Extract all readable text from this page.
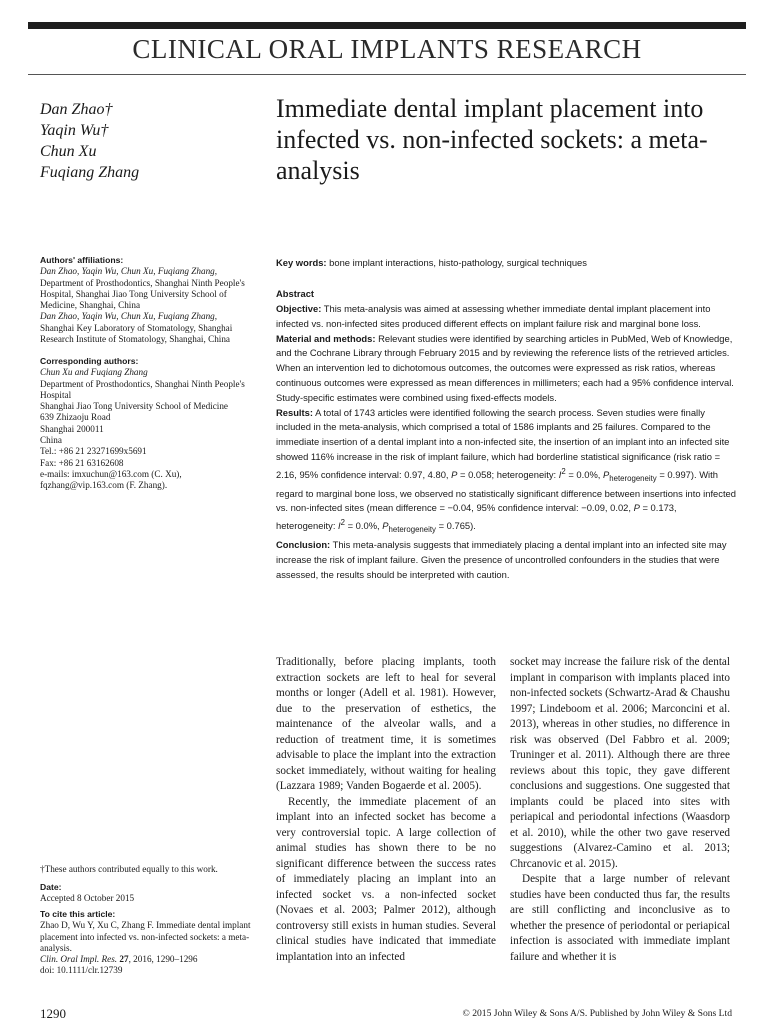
CLINICAL ORAL IMPLANTS RESEARCH
Dan Zhao†
Yaqin Wu†
Chun Xu
Fuqiang Zhang
Immediate dental implant placement into infected vs. non-infected sockets: a meta-analysis
Authors' affiliations:
Dan Zhao, Yaqin Wu, Chun Xu, Fuqiang Zhang,
Department of Prosthodontics, Shanghai Ninth People's Hospital, Shanghai Jiao Tong University School of Medicine, Shanghai, China
Dan Zhao, Yaqin Wu, Chun Xu, Fuqiang Zhang,
Shanghai Key Laboratory of Stomatology, Shanghai Research Institute of Stomatology, Shanghai, China
Corresponding authors:
Chun Xu and Fuqiang Zhang
Department of Prosthodontics, Shanghai Ninth People's Hospital
Shanghai Jiao Tong University School of Medicine
639 Zhizaoju Road
Shanghai 200011
China
Tel.: +86 21 23271699x5691
Fax: +86 21 63162608
e-mails: imxuchun@163.com (C. Xu), fqzhang@vip.163.com (F. Zhang).
†These authors contributed equally to this work.
Date:
Accepted 8 October 2015
To cite this article:
Zhao D, Wu Y, Xu C, Zhang F. Immediate dental implant placement into infected vs. non-infected sockets: a meta-analysis.
Clin. Oral Impl. Res. 27, 2016, 1290–1296
doi: 10.1111/clr.12739
Key words: bone implant interactions, histo-pathology, surgical techniques
Abstract

Objective: This meta-analysis was aimed at assessing whether immediate dental implant placement into infected vs. non-infected sites produced different effects on implant failure risk and marginal bone loss.

Material and methods: Relevant studies were identified by searching articles in PubMed, Web of Knowledge, and the Cochrane Library through February 2015 and by reviewing the reference lists of the retrieved articles. When an intervention led to dichotomous outcomes, the outcomes were expressed as risk ratios, whereas continuous outcomes were expressed as mean differences in millimeters; each had a 95% confidence interval. Study-specific estimates were combined using fixed-effects models.

Results: A total of 1743 articles were identified following the search process. Seven studies were finally included in the meta-analysis, which comprised a total of 1586 implants and 25 failures. Compared to the immediate insertion of a dental implant into a non-infected site, the insertion of an implant into an infected site showed 116% increase in the risk of implant failure, which had borderline statistical significance (risk ratio = 2.16, 95% confidence interval: 0.97, 4.80, P = 0.058; heterogeneity: $I^2 = 0.0\%$, $P_{heterogeneity} = 0.997$). With regard to marginal bone loss, we observed no statistically significant difference between insertions into infected vs. non-infected sites (mean difference = −0.04, 95% confidence interval: −0.09, 0.02, P = 0.173, heterogeneity: $I^2 = 0.0\%$, $P_{heterogeneity} = 0.765$).

Conclusion: This meta-analysis suggests that immediately placing a dental implant into an infected site may increase the risk of implant failure. Given the presence of uncontrolled confounders in the studies that were assessed, the results should be interpreted with caution.

Traditionally, before placing implants, tooth extraction sockets are left to heal for several months or longer (Adell et al. 1981). However, due to the preservation of esthetics, the maintenance of the alveolar walls, and a reduction of treatment time, it is sometimes advisable to place the implant into the extraction socket immediately, without waiting for healing (Lazzara 1989; Vanden Bogaerde et al. 2005).

Recently, the immediate placement of an implant into an infected socket has become a very controversial topic. A large collection of animal studies has shown there to be no significant difference between the success rates of immediately placing an implant into an infected socket vs. a non-infected socket (Novaes et al. 2003; Palmer 2012), although controversy still exists in human studies. Several clinical studies have indicated that immediate implantation into an infected

socket may increase the failure risk of the dental implant in comparison with implants placed into non-infected sockets (Schwartz-Arad & Chaushu 1997; Lindeboom et al. 2006; Marconcini et al. 2013), whereas in other studies, no difference in risk was observed (Del Fabbro et al. 2009; Truninger et al. 2011). Although there are three reviews about this topic, they gave different conclusions and suggestions. One suggested that implants could be placed into sites with periapical and periodontal infections (Waasdorp et al. 2010), while the other two gave reserved suggestions (Alvarez-Camino et al. 2013; Chrcanovic et al. 2015).

Despite that a large number of relevant studies have been conducted thus far, the results are still conflicting and inconclusive as to whether the presence of periodontal or periapical infection is associated with immediate implant failure and whether it is

1290	© 2015 John Wiley & Sons A/S. Published by John Wiley & Sons Ltd
